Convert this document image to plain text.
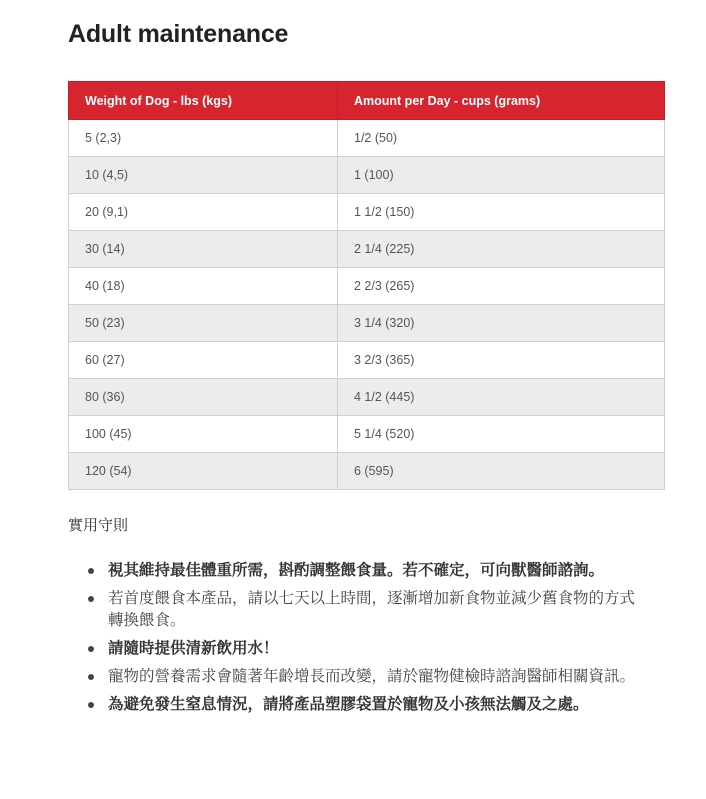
Adult maintenance
Weight of Dog - lbs (kgs)	Amount per Day - cups (grams)
5 (2,3)	1/2 (50)
10 (4,5)	1 (100)
20 (9,1)	1 1/2 (150)
30 (14)	2 1/4 (225)
40 (18)	2 2/3 (265)
50 (23)	3 1/4 (320)
60 (27)	3 2/3 (365)
80 (36)	4 1/2 (445)
100 (45)	5 1/4 (520)
120 (54)	6 (595)
實用守則
視其維持最佳體重所需，斟酌調整餵食量。若不確定，可向獸醫師諮詢。
若首度餵食本產品，請以七天以上時間，逐漸增加新食物並減少舊食物的方式轉換餵食。
請隨時提供清新飲用水！
寵物的營養需求會隨著年齡增長而改變，請於寵物健檢時諮詢醫師相關資訊。
為避免發生窒息情況，請將產品塑膠袋置於寵物及小孩無法觸及之處。
